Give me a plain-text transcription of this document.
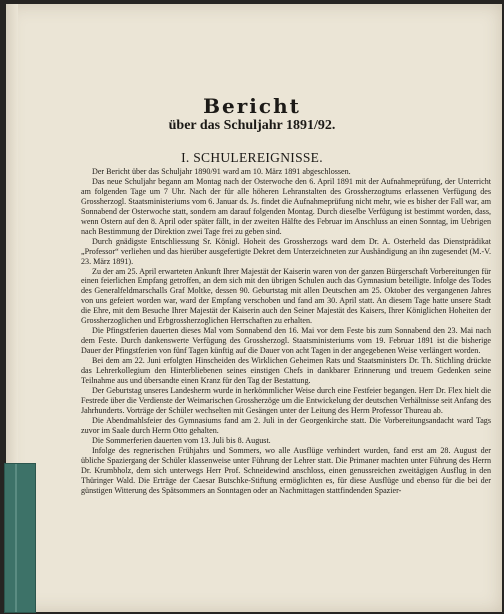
Bericht
über das Schuljahr 1891/92.
I. SCHULEREIGNISSE.

Der Bericht über das Schuljahr 1890/91 ward am 10. März 1891 abgeschlossen.

Das neue Schuljahr begann am Montag nach der Osterwoche den 6. April 1891 mit der Aufnahmeprüfung, der Unterricht am folgenden Tage um 7 Uhr. Nach der für alle höheren Lehranstalten des Grossherzogtums erlassenen Verfügung des Grossherzogl. Staatsministeriums vom 6. Januar ds. Js. findet die Aufnahmeprüfung nicht mehr, wie es bisher der Fall war, am Sonnabend der Osterwoche statt, sondern am darauf folgenden Montag. Durch dieselbe Verfügung ist bestimmt worden, dass, wenn Ostern auf den 8. April oder später fällt, in der zweiten Hälfte des Februar im Anschluss an einen Sonntag, im Uebrigen nach Bestimmung der Direktion zwei Tage frei zu geben sind.

Durch gnädigste Entschliessung Sr. Königl. Hoheit des Grossherzogs ward dem Dr. A. Osterheld das Dienstprädikat „Professor“ verliehen und das hierüber ausgefertigte Dekret dem Unterzeichneten zur Aushändigung an ihn zugesendet (M.-V. 23. März 1891).

Zu der am 25. April erwarteten Ankunft Ihrer Majestät der Kaiserin waren von der ganzen Bürgerschaft Vorbereitungen für einen feierlichen Empfang getroffen, an dem sich mit den übrigen Schulen auch das Gymnasium beteiligte. Infolge des Todes des Generalfeldmarschalls Graf Moltke, dessen 90. Geburtstag mit allen Deutschen am 25. Oktober des vergangenen Jahres von uns gefeiert worden war, ward der Empfang verschoben und fand am 30. April statt. An diesem Tage hatte unsere Stadt die Ehre, mit dem Besuche Ihrer Majestät der Kaiserin auch den Seiner Majestät des Kaisers, Ihrer Königlichen Hoheiten der Grossherzoglichen und Erbgrossherzoglichen Herrschaften zu erhalten.

Die Pfingstferien dauerten dieses Mal vom Sonnabend den 16. Mai vor dem Feste bis zum Sonnabend den 23. Mai nach dem Feste. Durch dankenswerte Verfügung des Grossherzogl. Staatsministeriums vom 19. Februar 1891 ist die bisherige Dauer der Pfingstferien von fünf Tagen künftig auf die Dauer von acht Tagen in der angegebenen Weise verlängert worden.

Bei dem am 22. Juni erfolgten Hinscheiden des Wirklichen Geheimen Rats und Staatsministers Dr. Th. Stichling drückte das Lehrerkollegium den Hinterbliebenen seines einstigen Chefs in dankbarer Erinnerung und treuem Gedenken seine Teilnahme aus und übersandte einen Kranz für den Tag der Bestattung.

Der Geburtstag unseres Landesherrn wurde in herkömmlicher Weise durch eine Festfeier begangen. Herr Dr. Flex hielt die Festrede über die Verdienste der Weimarischen Grossherzöge um die Entwickelung der deutschen Verhältnisse seit Anfang des Jahrhunderts. Vorträge der Schüler wechselten mit Gesängen unter der Leitung des Herrn Professor Thureau ab.

Die Abendmahlsfeier des Gymnasiums fand am 2. Juli in der Georgenkirche statt. Die Vorbereitungsandacht ward Tags zuvor im Saale durch Herrn Otto gehalten.

Die Sommerferien dauerten vom 13. Juli bis 8. August.

Infolge des regnerischen Frühjahrs und Sommers, wo alle Ausflüge verhindert wurden, fand erst am 28. August der übliche Spaziergang der Schüler klassenweise unter Führung der Lehrer statt. Die Primaner machten unter Führung des Herrn Dr. Krumbholz, dem sich unterwegs Herr Prof. Schneidewind anschloss, einen genussreichen zweitägigen Ausflug in den Thüringer Wald. Die Erträge der Caesar Butschke-Stiftung ermöglichten es, für diese Ausflüge und ebenso für die bei der günstigen Witterung des Spätsommers an Sonntagen oder an Nachmittagen stattfindenden Spazier-
